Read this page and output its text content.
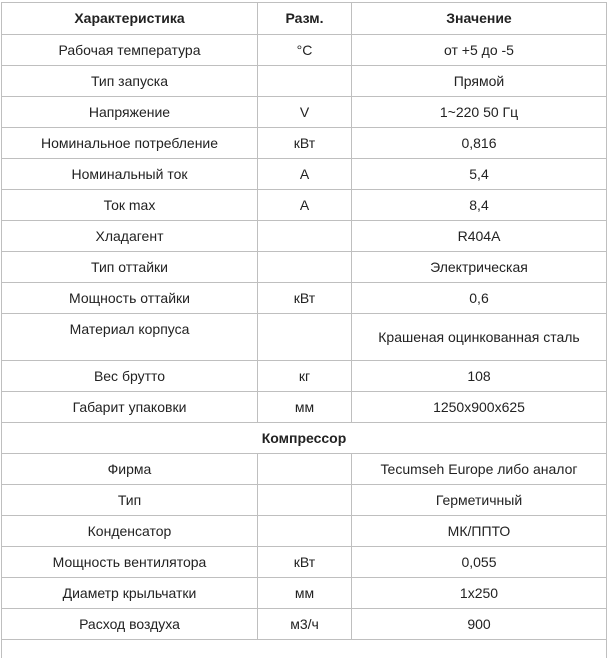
Характеристика	Разм.	Значение
Рабочая температура	°C	от +5 до -5
Тип запуска		Прямой
Напряжение	V	1~220 50 Гц
Номинальное потребление	кВт	0,816
Номинальный ток	A	5,4
Ток max	A	8,4
Хладагент		R404A
Тип оттайки		Электрическая
Мощность оттайки	кВт	0,6
Материал корпуса		Крашеная оцинкованная сталь
Вес брутто	кг	108
Габарит упаковки	мм	1250х900х625
Компрессор		
Фирма		Tecumseh Europe либо аналог
Тип		Герметичный
Конденсатор		МК/ППТО
Мощность вентилятора	кВт	0,055
Диаметр крыльчатки	мм	1х250
Расход воздуха	м3/ч	900
